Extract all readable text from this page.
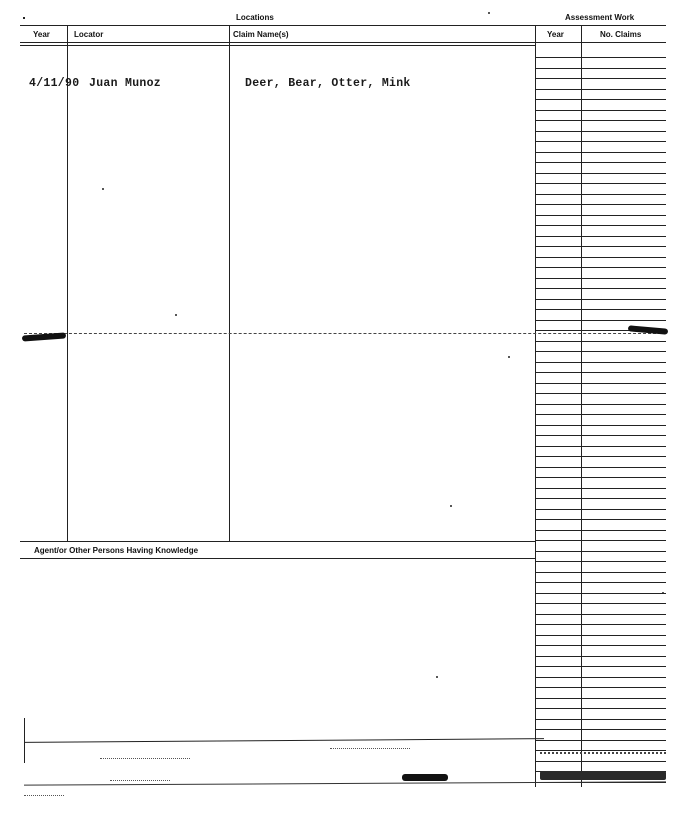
Locations	Assessment Work
Year	Locator	Claim Name(s)	Year	No. Claims
4/11/90 Juan Munoz	Deer, Bear, Otter, Mink
Agent/or Other Persons Having Knowledge
